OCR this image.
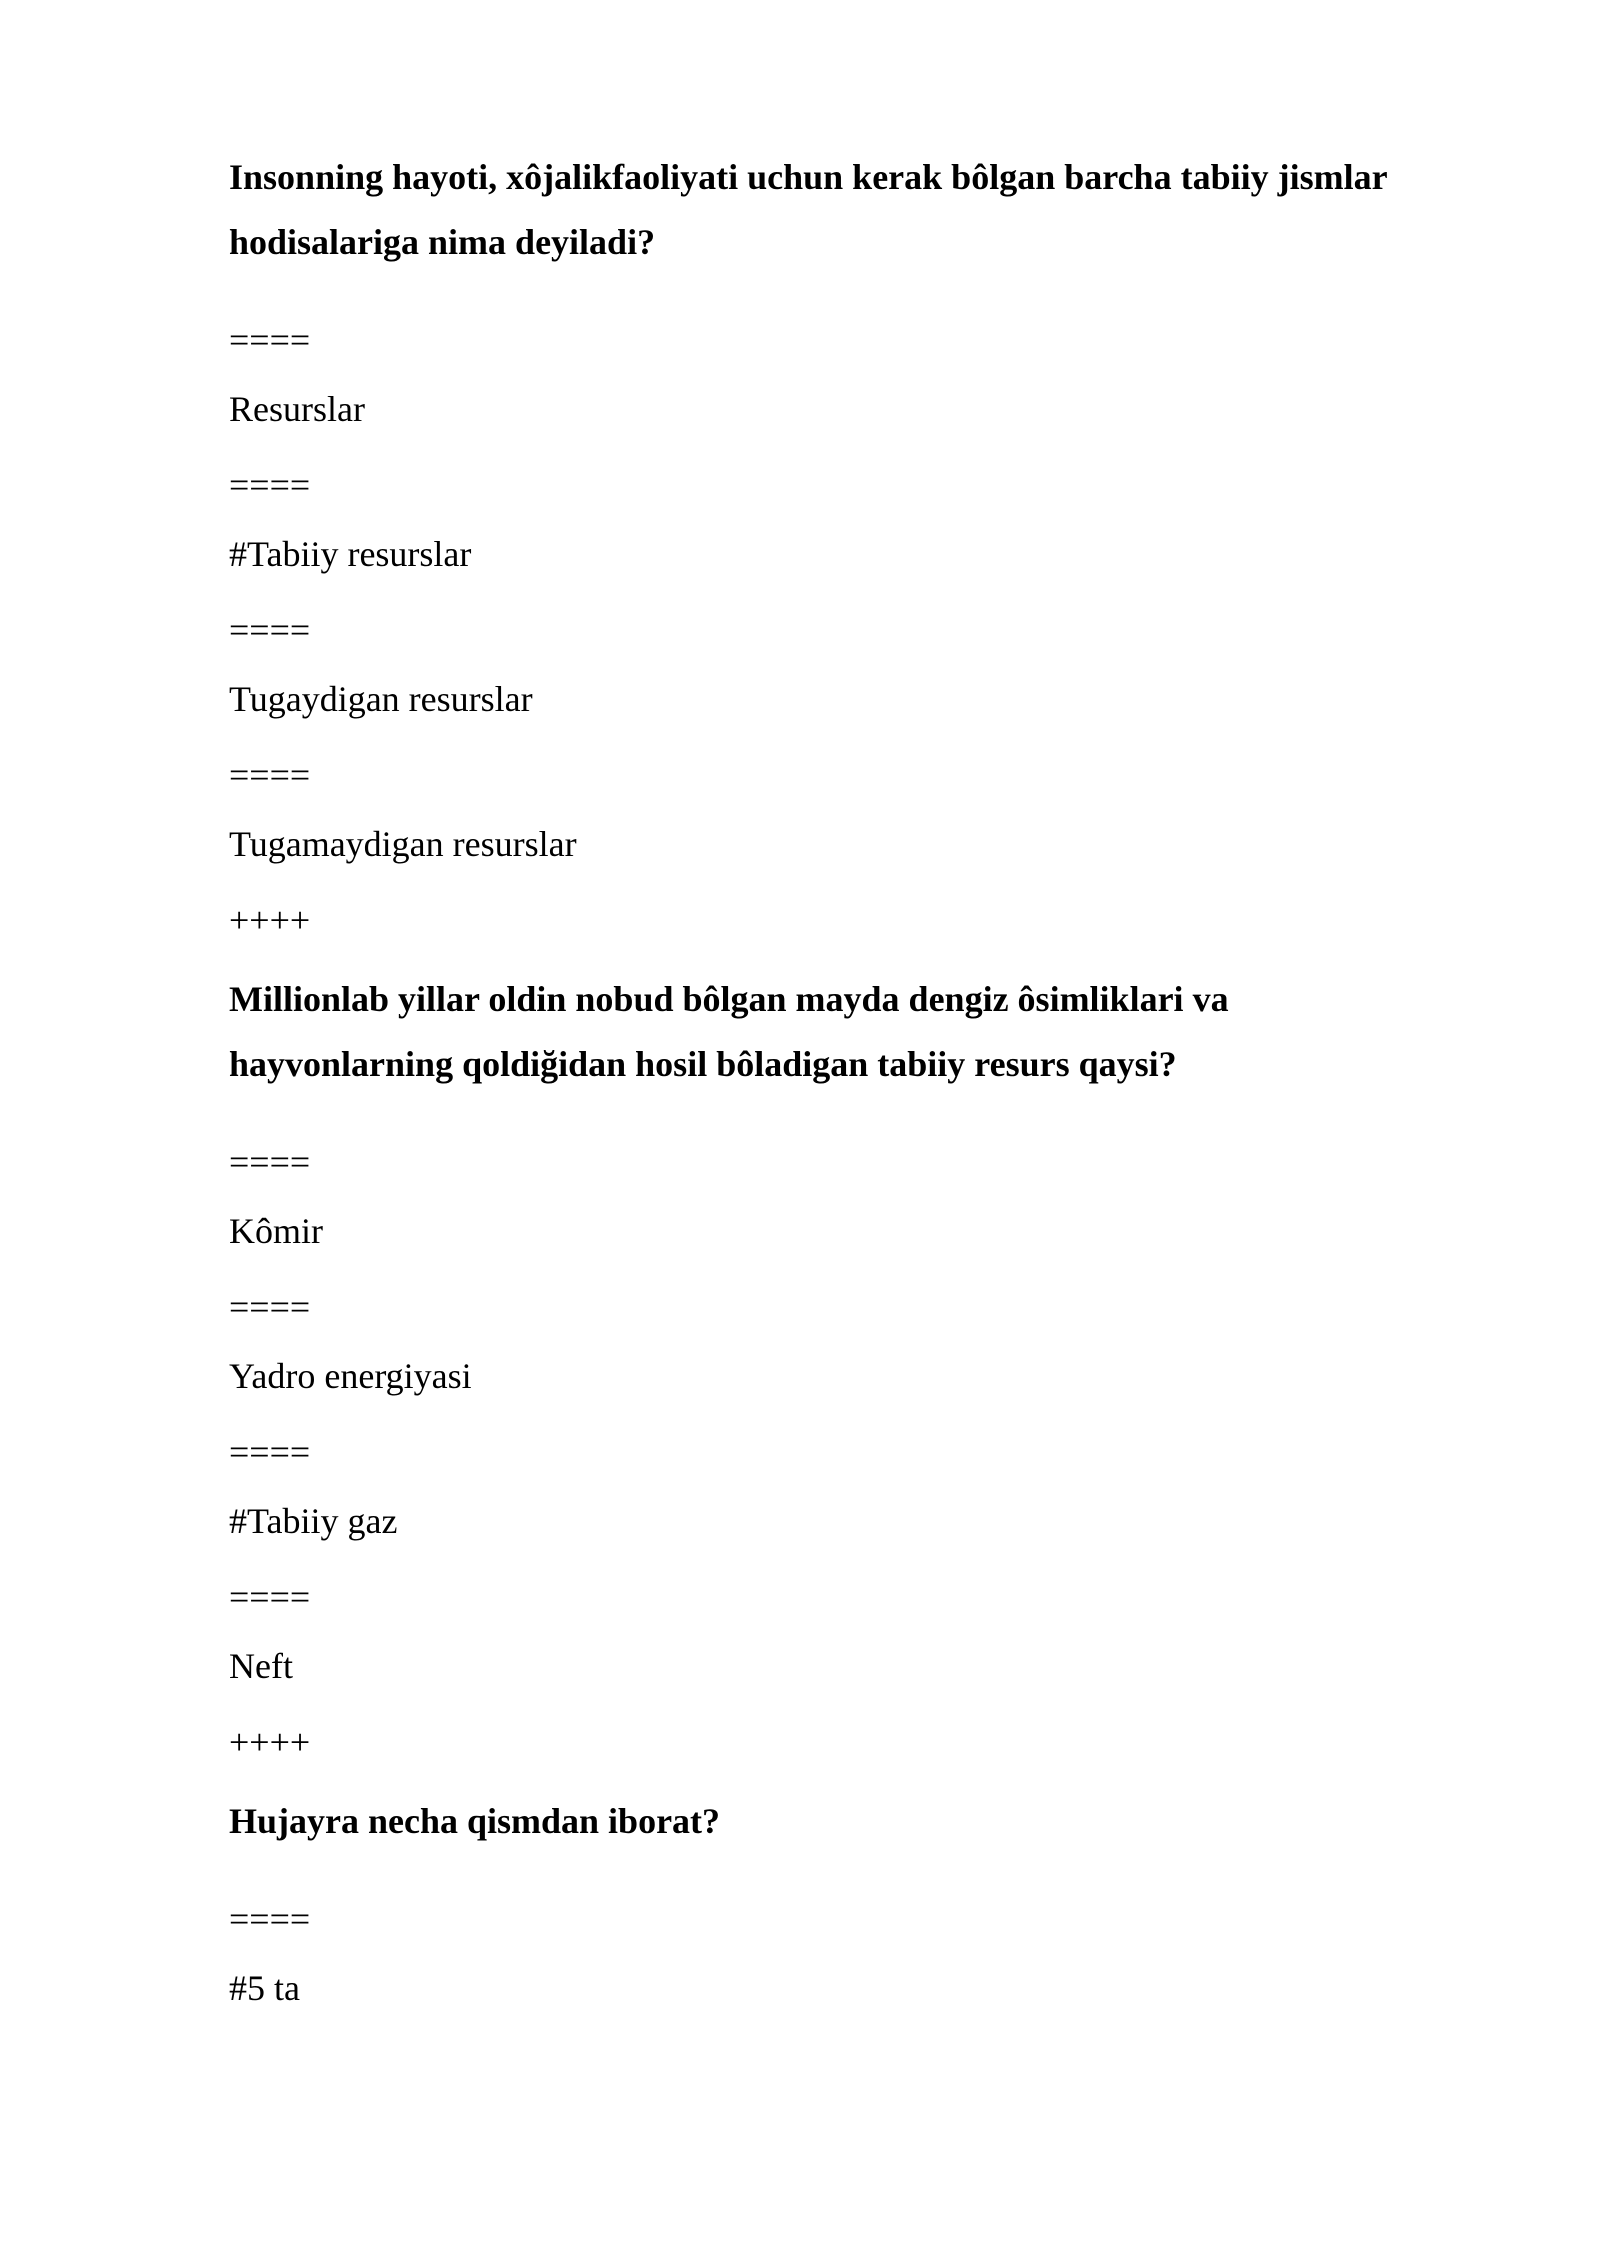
Insonning hayoti, xôjalikfaoliyati uchun kerak bôlgan barcha tabiiy jismlar hodisalariga nima deyiladi?

====

Resurslar

====

#Tabiiy resurslar

====

Tugaydigan resurslar

====

Tugamaydigan resurslar

++++

Millionlab yillar oldin nobud bôlgan mayda dengiz ôsimliklari va hayvonlarning qoldiğidan hosil bôladigan tabiiy resurs qaysi?

====

Kômir

====

Yadro energiyasi

====

#Tabiiy gaz

====

Neft

++++

Hujayra necha qismdan iborat?

====

#5 ta
